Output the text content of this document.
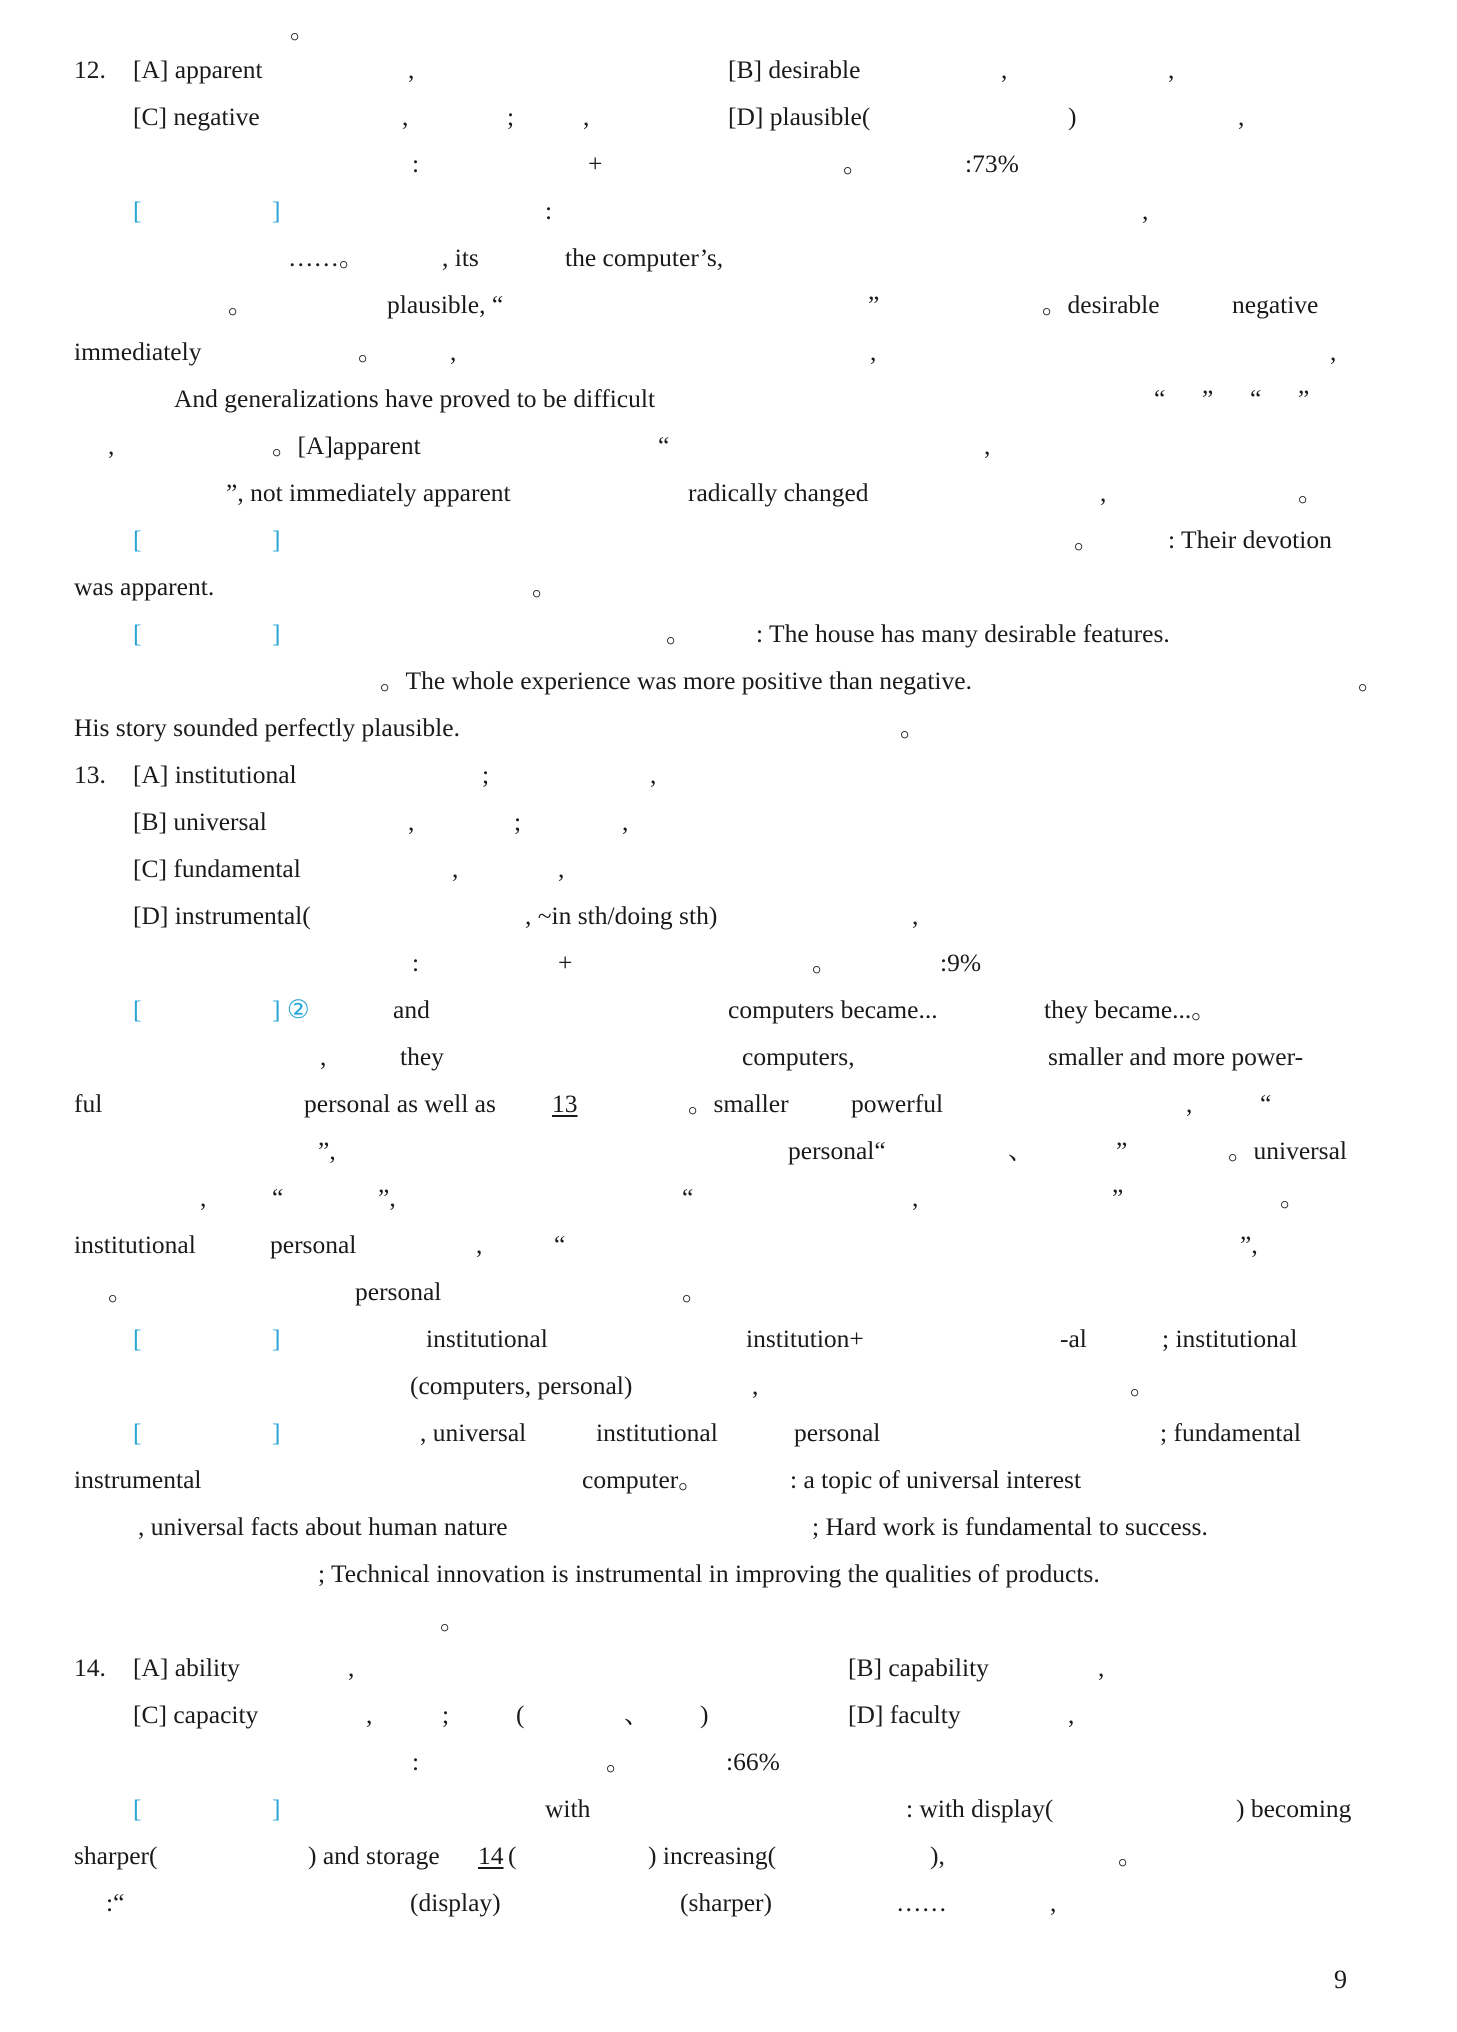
。
12. [A] apparent	,	[B] desirable	,	,
[C] negative	,	;	,	[D] plausible(	)	,
:	+	。	:73%
[	]	:	,
……。	, its	the computer’s,
。	plausible, “	”	。desirable	negative
immediately	。	,	,	,
And generalizations have proved to be difficult	“ ” “ ”
,	。[A]apparent	“	,
”, not immediately apparent	radically changed	,	。
[	]	。	: Their devotion
was apparent.	。
[	]	。	: The house has many desirable features.
。The whole experience was more positive than negative.	。
His story sounded perfectly plausible.	。
13. [A] institutional	;	,
[B] universal	,	;	,
[C] fundamental	,	,
[D] instrumental(	, ~in sth/doing sth)	,
:	+	。	:9%
[	] ②	and	computers became...	they became...。
,	they	computers,	smaller and more power-
ful	personal as well as 13	。smaller powerful	,	“
”,	personal“	、	”	。universal
,	“	”,	“	,	”	。
institutional	personal	,	“	”,
。	personal	。
[	]	institutional	institution+	-al	; institutional
(computers, personal)	,	。
[	]	, universal	institutional	personal	; fundamental
instrumental	computer。	: a topic of universal interest
, universal facts about human nature	; Hard work is fundamental to success.
; Technical innovation is instrumental in improving the qualities of products.
。
14. [A] ability	,	[B] capability	,
[C] capacity	,	;	(	、 )	[D] faculty	,
:	。	:66%
[	]	with	: with display(	) becoming
sharper(	) and storage 14 (	) increasing(	),	。
:“	(display)	(sharper)	……	,
9
